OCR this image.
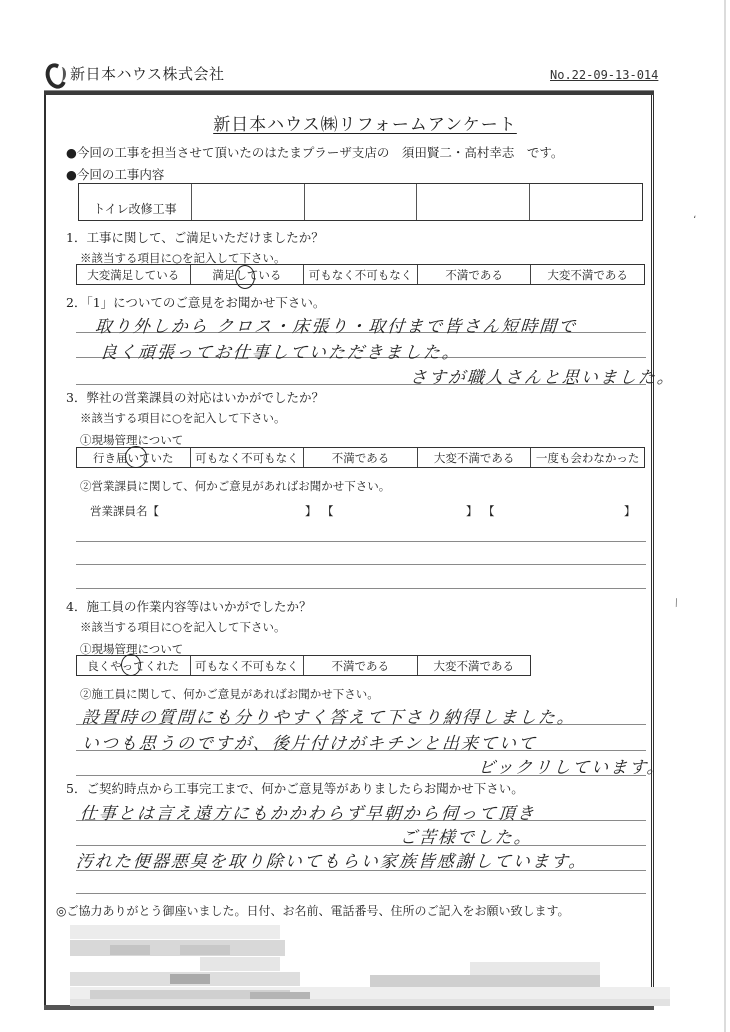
،
⁄
新日本ハウス株式会社	No.22-09-13-014
新日本ハウス㈱リフォームアンケート
●今回の工事を担当させて頂いたのはたまプラーザ支店の　須田賢二・高村幸志　です。
●今回の工事内容
トイレ改修工事
1．工事に関して、ご満足いただけましたか？
※該当する項目に○を記入して下さい。
大変満足している	満足している	可もなく不可もなく	不満である	大変不満である
2．「1」についてのご意見をお聞かせ下さい。
取り外しから クロス・床張り・取付まで皆さん短時間で
良く頑張ってお仕事していただきました。
さすが職人さんと思いました。
3．弊社の営業課員の対応はいかがでしたか？
※該当する項目に○を記入して下さい。
①現場管理について
行き届いていた	可もなく不可もなく	不満である	大変不満である	一度も会わなかった
②営業課員に関して、何かご意見があればお聞かせ下さい。
営業課員名【	】 【	】 【	】
4．施工員の作業内容等はいかがでしたか？
※該当する項目に○を記入して下さい。
①現場管理について
良くやってくれた	可もなく不可もなく	不満である	大変不満である
②施工員に関して、何かご意見があればお聞かせ下さい。
設置時の質問にも分りやすく答えて下さり納得しました。
いつも思うのですが、後片付けがキチンと出来ていて
ビックリしています。
5．ご契約時点から工事完工まで、何かご意見等がありましたらお聞かせ下さい。
仕事とは言え遠方にもかかわらず早朝から伺って頂き
ご苦様でした。
汚れた便器悪臭を取り除いてもらい家族皆感謝しています。
◎ご協力ありがとう御座いました。日付、お名前、電話番号、住所のご記入をお願い致します。
